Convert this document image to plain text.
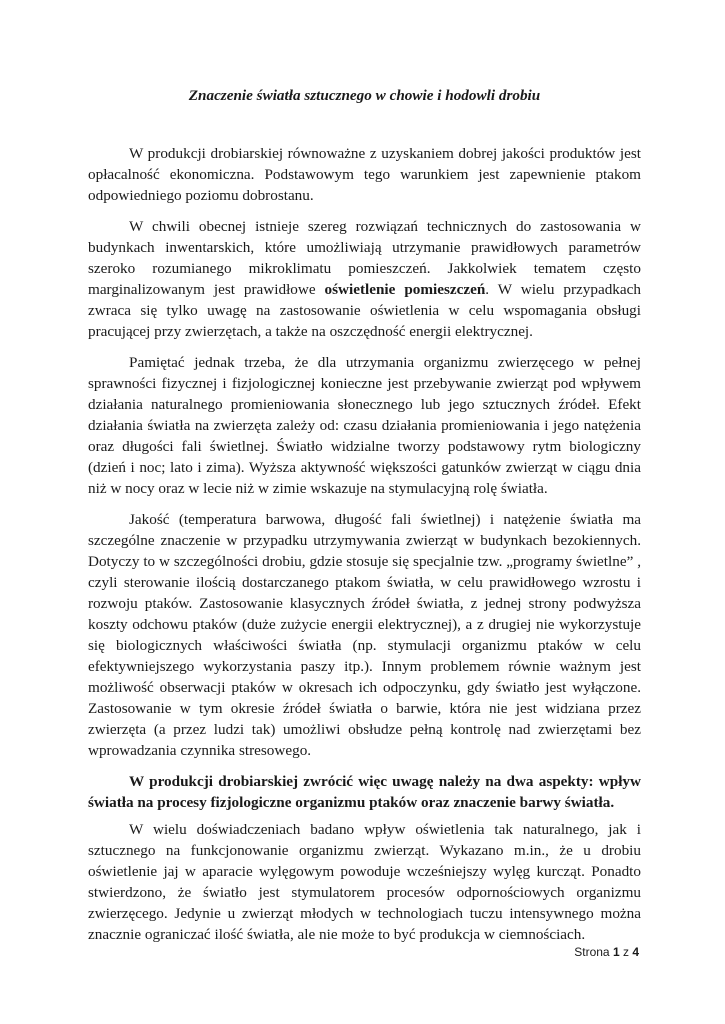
Znaczenie światła sztucznego w chowie i hodowli drobiu

W produkcji drobiarskiej równoważne z uzyskaniem dobrej jakości produktów jest opłacalność ekonomiczna. Podstawowym tego warunkiem jest zapewnienie ptakom odpowiedniego poziomu dobrostanu.

W chwili obecnej istnieje szereg rozwiązań technicznych do zastosowania w budynkach inwentarskich, które umożliwiają utrzymanie prawidłowych parametrów szeroko rozumianego mikroklimatu pomieszczeń. Jakkolwiek tematem często marginalizowanym jest prawidłowe oświetlenie pomieszczeń. W wielu przypadkach zwraca się tylko uwagę na zastosowanie oświetlenia w celu wspomagania obsługi pracującej przy zwierzętach, a także na oszczędność energii elektrycznej.

Pamiętać jednak trzeba, że dla utrzymania organizmu zwierzęcego w pełnej sprawności fizycznej i fizjologicznej konieczne jest przebywanie zwierząt pod wpływem działania naturalnego promieniowania słonecznego lub jego sztucznych źródeł. Efekt działania światła na zwierzęta zależy od: czasu działania promieniowania i jego natężenia oraz długości fali świetlnej. Światło widzialne tworzy podstawowy rytm biologiczny (dzień i noc; lato i zima). Wyższa aktywność większości gatunków zwierząt w ciągu dnia niż w nocy oraz w lecie niż w zimie wskazuje na stymulacyjną rolę światła.

Jakość (temperatura barwowa, długość fali świetlnej) i natężenie światła ma szczególne znaczenie w przypadku utrzymywania zwierząt w budynkach bezokiennych. Dotyczy to w szczególności drobiu, gdzie stosuje się specjalnie tzw. „programy świetlne” , czyli sterowanie ilością dostarczanego ptakom światła, w celu prawidłowego wzrostu i rozwoju ptaków. Zastosowanie klasycznych źródeł światła, z jednej strony podwyższa koszty odchowu ptaków (duże zużycie energii elektrycznej), a z drugiej nie wykorzystuje się biologicznych właściwości światła (np. stymulacji organizmu ptaków w celu efektywniejszego wykorzystania paszy itp.). Innym problemem równie ważnym jest możliwość obserwacji ptaków w okresach ich odpoczynku, gdy światło jest wyłączone. Zastosowanie w tym okresie źródeł światła o barwie, która nie jest widziana przez zwierzęta (a przez ludzi tak) umożliwi obsłudze pełną kontrolę nad zwierzętami bez wprowadzania czynnika stresowego.

W produkcji drobiarskiej zwrócić więc uwagę należy na dwa aspekty: wpływ światła na procesy fizjologiczne organizmu ptaków oraz znaczenie barwy światła.

W wielu doświadczeniach badano wpływ oświetlenia tak naturalnego, jak i sztucznego na funkcjonowanie organizmu zwierząt. Wykazano m.in., że u drobiu oświetlenie jaj w aparacie wylęgowym powoduje wcześniejszy wylęg kurcząt. Ponadto stwierdzono, że światło jest stymulatorem procesów odpornościowych organizmu zwierzęcego. Jedynie u zwierząt młodych w technologiach tuczu intensywnego można znacznie ograniczać ilość światła, ale nie może to być produkcja w ciemnościach.

Strona 1 z 4
